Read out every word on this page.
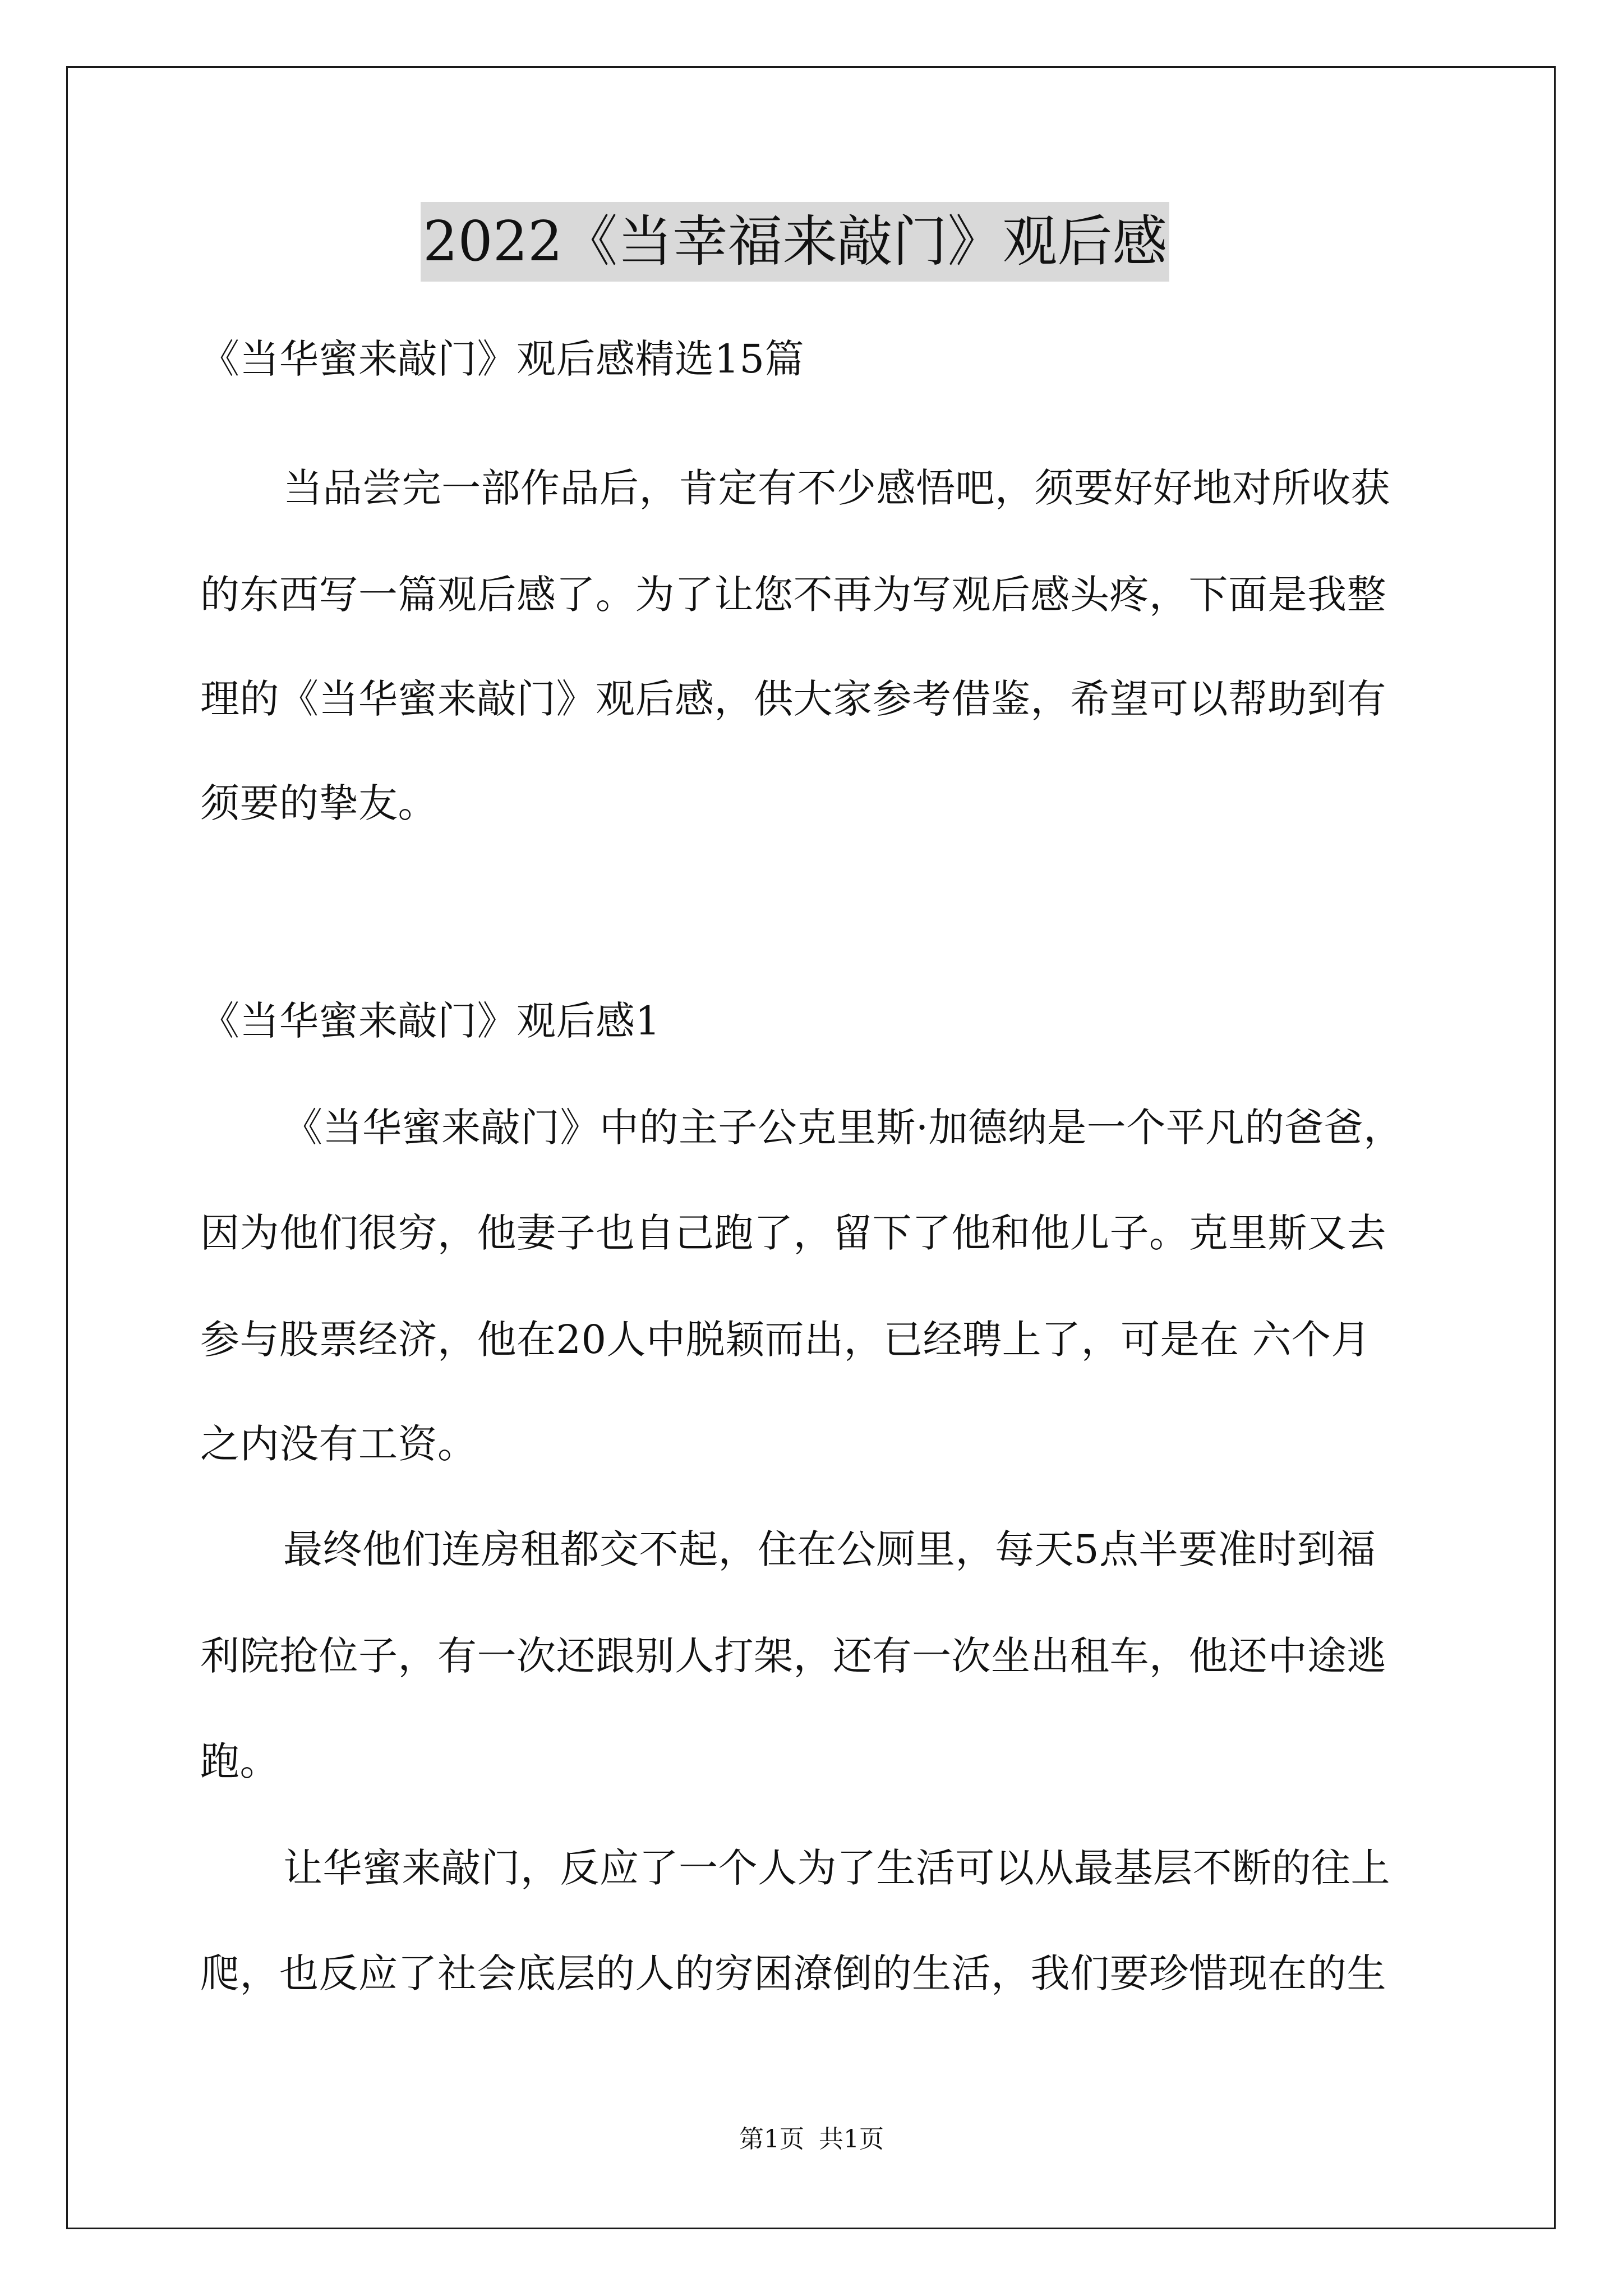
2022《当幸福来敲门》观后感
《当华蜜来敲门》观后感精选15篇
当品尝完一部作品后，肯定有不少感悟吧，须要好好地对所收获
的东西写一篇观后感了。为了让您不再为写观后感头疼，下面是我整
理的《当华蜜来敲门》观后感，供大家参考借鉴，希望可以帮助到有
须要的挚友。
《当华蜜来敲门》观后感1
《当华蜜来敲门》中的主子公克里斯·加德纳是一个平凡的爸爸，
因为他们很穷，他妻子也自己跑了，留下了他和他儿子。克里斯又去
参与股票经济，他在20人中脱颖而出，已经聘上了，可是在 六个月
之内没有工资。
最终他们连房租都交不起，住在公厕里，每天5点半要准时到福
利院抢位子，有一次还跟别人打架，还有一次坐出租车，他还中途逃
跑。
让华蜜来敲门，反应了一个人为了生活可以从最基层不断的往上
爬，也反应了社会底层的人的穷困潦倒的生活，我们要珍惜现在的生
第1页 共1页
